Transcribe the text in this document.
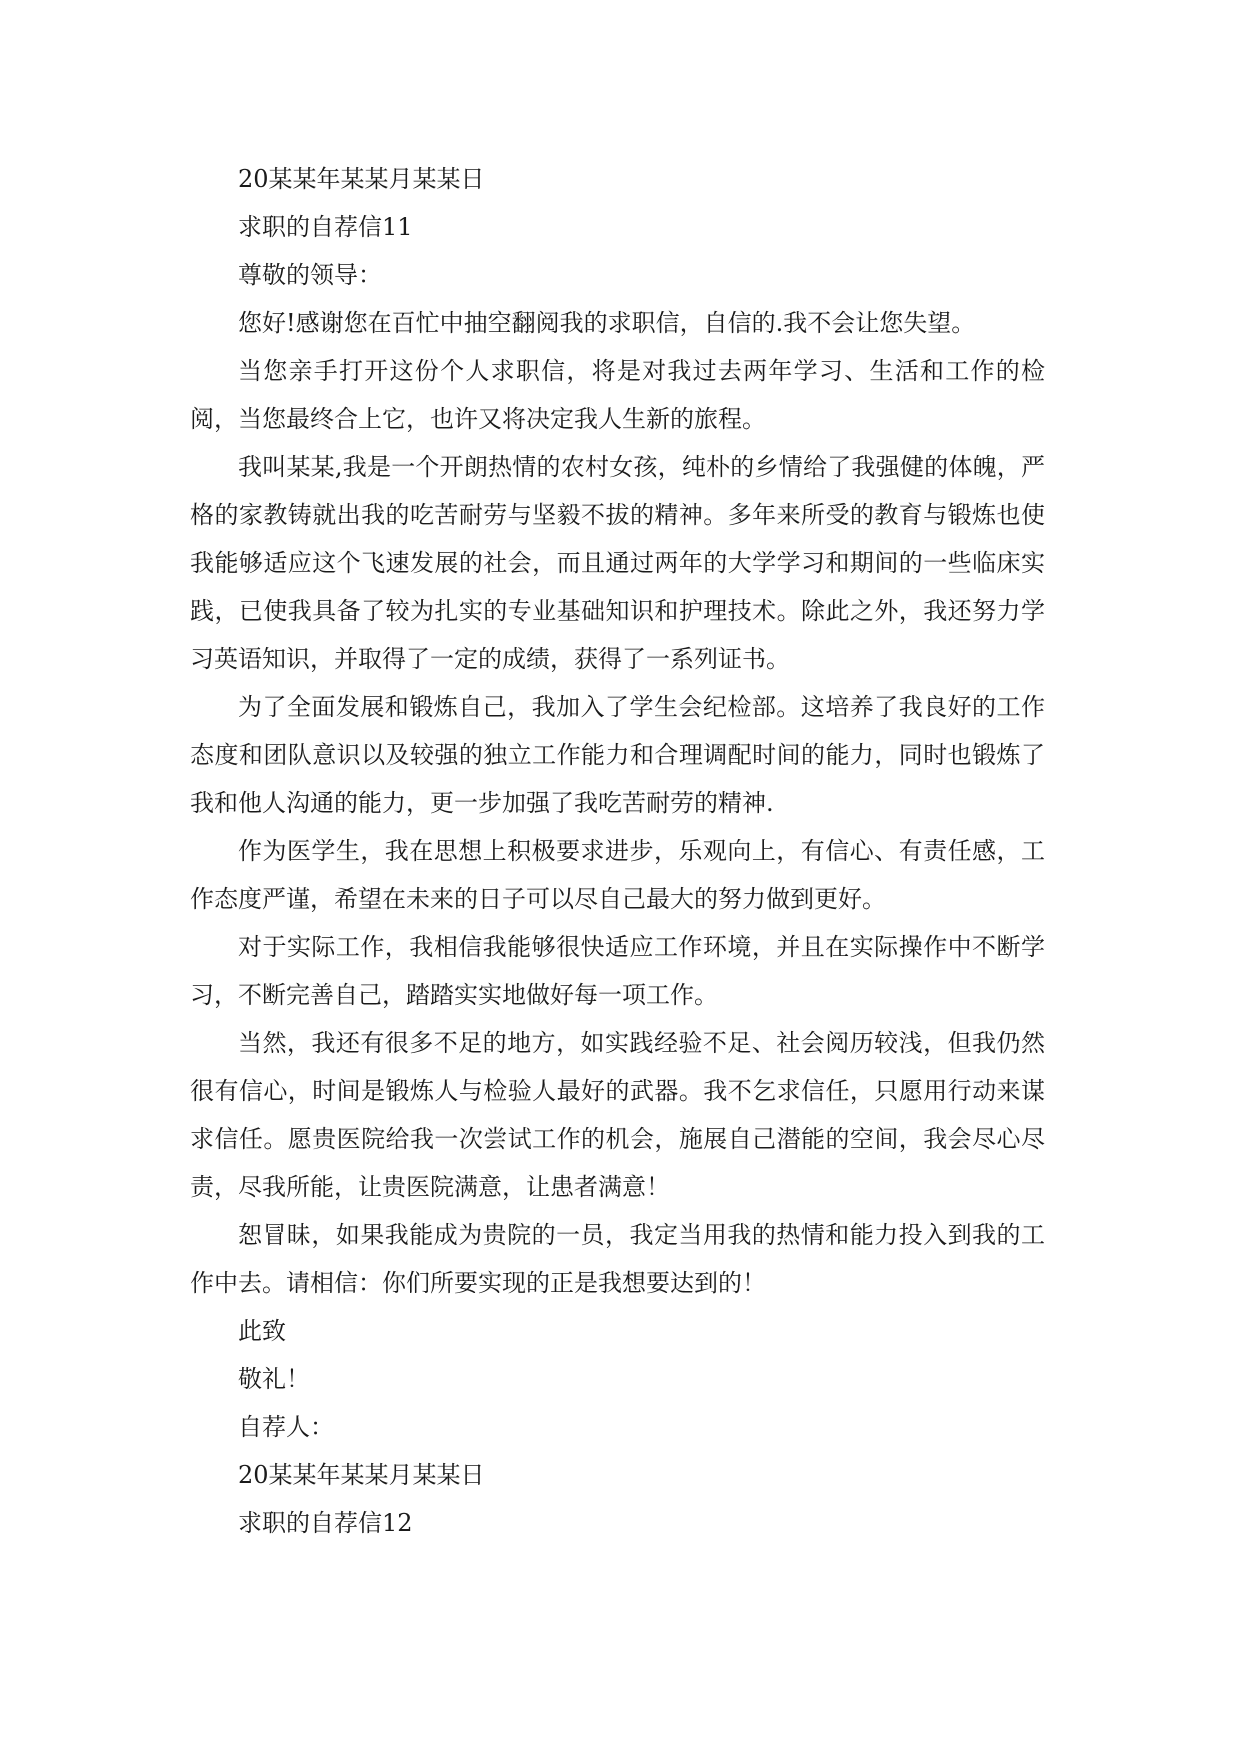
20某某年某某月某某日

求职的自荐信11

尊敬的领导：

您好!感谢您在百忙中抽空翻阅我的求职信，自信的.我不会让您失望。

当您亲手打开这份个人求职信，将是对我过去两年学习、生活和工作的检阅，当您最终合上它，也许又将决定我人生新的旅程。

我叫某某,我是一个开朗热情的农村女孩，纯朴的乡情给了我强健的体魄，严格的家教铸就出我的吃苦耐劳与坚毅不拔的精神。多年来所受的教育与锻炼也使我能够适应这个飞速发展的社会，而且通过两年的大学学习和期间的一些临床实践，已使我具备了较为扎实的专业基础知识和护理技术。除此之外，我还努力学习英语知识，并取得了一定的成绩，获得了一系列证书。

为了全面发展和锻炼自己，我加入了学生会纪检部。这培养了我良好的工作态度和团队意识以及较强的独立工作能力和合理调配时间的能力，同时也锻炼了我和他人沟通的能力，更一步加强了我吃苦耐劳的精神.

作为医学生，我在思想上积极要求进步，乐观向上，有信心、有责任感，工作态度严谨，希望在未来的日子可以尽自己最大的努力做到更好。

对于实际工作，我相信我能够很快适应工作环境，并且在实际操作中不断学习，不断完善自己，踏踏实实地做好每一项工作。

当然，我还有很多不足的地方，如实践经验不足、社会阅历较浅，但我仍然很有信心，时间是锻炼人与检验人最好的武器。我不乞求信任，只愿用行动来谋求信任。愿贵医院给我一次尝试工作的机会，施展自己潜能的空间，我会尽心尽责，尽我所能，让贵医院满意，让患者满意！

恕冒昧，如果我能成为贵院的一员，我定当用我的热情和能力投入到我的工作中去。请相信：你们所要实现的正是我想要达到的！

此致

敬礼！

自荐人：

20某某年某某月某某日

求职的自荐信12
